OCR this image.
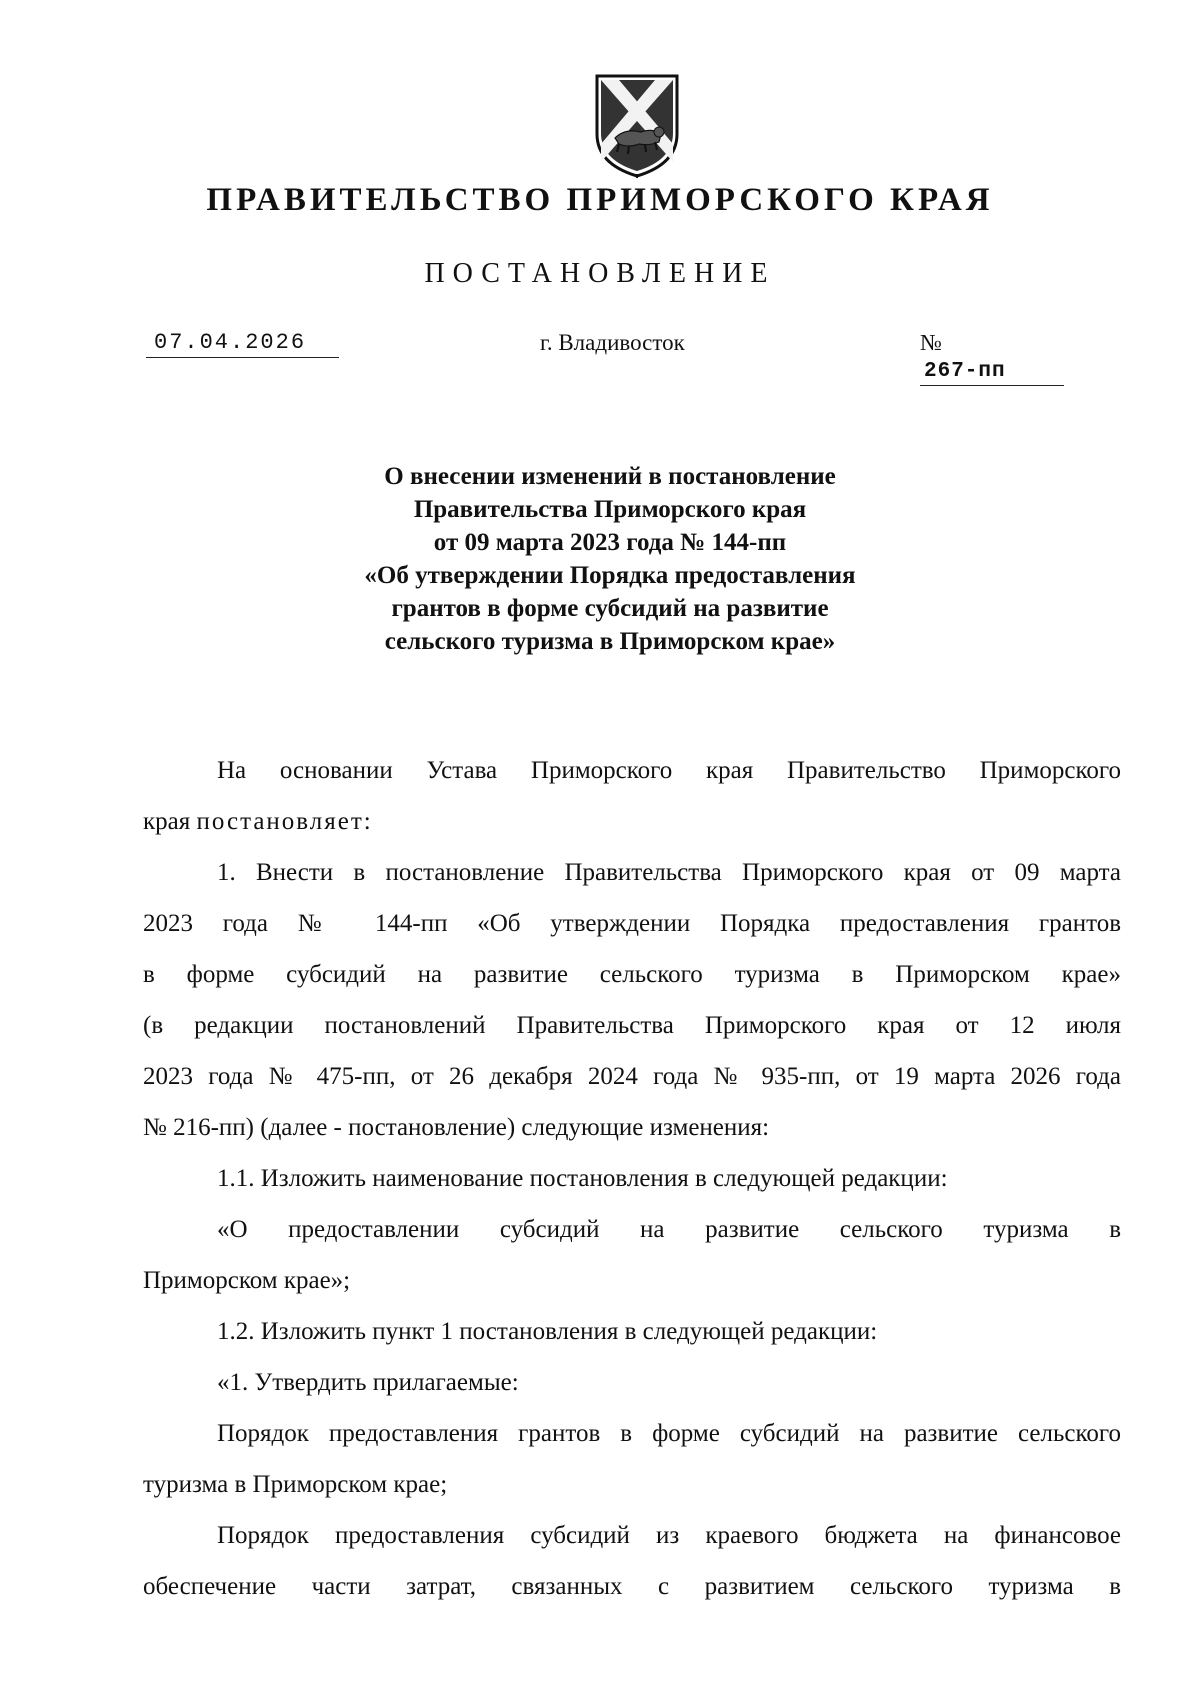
ПРАВИТЕЛЬСТВО ПРИМОРСКОГО КРАЯ
ПОСТАНОВЛЕНИЕ
07.04.2026	г. Владивосток	№ 267-пп
О внесении изменений в постановление
Правительства Приморского края
от 09 марта 2023 года № 144-пп
«Об утверждении Порядка предоставления
грантов в форме субсидий на развитие
сельского туризма в Приморском крае»

На основании Устава Приморского края Правительство Приморского

края постановляет:

1. Внести в постановление Правительства Приморского края от 09 марта

2023 года № 144-пп «Об утверждении Порядка предоставления грантов

в форме субсидий на развитие сельского туризма в Приморском крае»

(в редакции постановлений Правительства Приморского края от 12 июля

2023 года № 475-пп, от 26 декабря 2024 года № 935-пп, от 19 марта 2026 года

№ 216-пп) (далее - постановление) следующие изменения:

1.1. Изложить наименование постановления в следующей редакции:

«О предоставлении субсидий на развитие сельского туризма в

Приморском крае»;

1.2. Изложить пункт 1 постановления в следующей редакции:

«1. Утвердить прилагаемые:

Порядок предоставления грантов в форме субсидий на развитие сельского

туризма в Приморском крае;

Порядок предоставления субсидий из краевого бюджета на финансовое

обеспечение части затрат, связанных с развитием сельского туризма в
